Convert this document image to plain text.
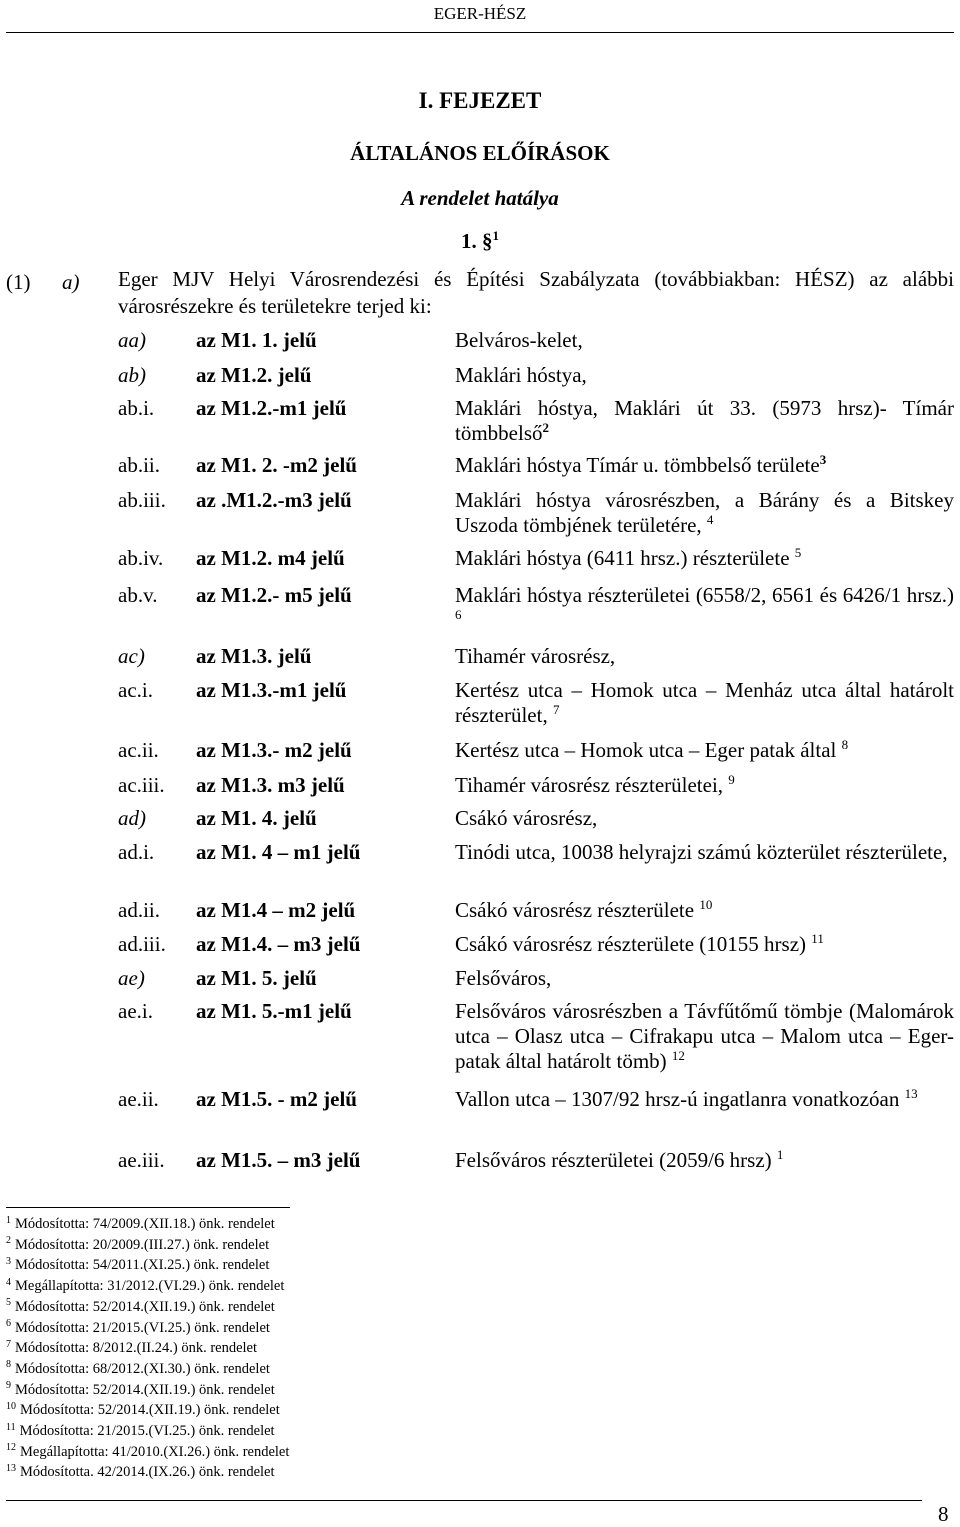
EGER-HÉSZ
I. FEJEZET
ÁLTALÁNOS ELŐÍRÁSOK
A rendelet hatálya
1. §$^1$
(1) a) Eger MJV Helyi Városrendezési és Építési Szabályzata (továbbiakban: HÉSZ) az alábbi városrészekre és területekre terjed ki:
aa) az M1. 1. jelű	Belváros-kelet,
ab) az M1.2. jelű	Maklári hóstya,
ab.i. az M1.2.-m1 jelű	Maklári hóstya, Maklári út 33. (5973 hrsz)- Tímár tömbbelső$^2$
ab.ii. az M1. 2. -m2 jelű	Maklári hóstya Tímár u. tömbbelső területe$^3$
ab.iii. az .M1.2.-m3 jelű	Maklári hóstya városrészben, a Bárány és a Bitskey Uszoda tömbjének területére, $^4$
ab.iv. az M1.2. m4 jelű	Maklári hóstya (6411 hrsz.) részterülete $^5$
ab.v. az M1.2.- m5 jelű	Maklári hóstya részterületei (6558/2, 6561 és 6426/1 hrsz.) $^6$
ac) az M1.3. jelű	Tihamér városrész,
ac.i. az M1.3.-m1 jelű	Kertész utca – Homok utca – Menház utca által határolt részterület, $^7$
ac.ii. az M1.3.- m2 jelű	Kertész utca – Homok utca – Eger patak által $^8$
ac.iii. az M1.3. m3 jelű	Tihamér városrész részterületei, $^9$
ad) az M1. 4. jelű	Csákó városrész,
ad.i. az M1. 4 – m1 jelű	Tinódi utca, 10038 helyrajzi számú közterület részterülete,
ad.ii. az M1.4 – m2 jelű	Csákó városrész részterülete $^{10}$
ad.iii. az M1.4. – m3 jelű	Csákó városrész részterülete (10155 hrsz) $^{11}$
ae) az M1. 5. jelű	Felsőváros,
ae.i. az M1. 5.-m1 jelű	Felsőváros városrészben a Távfűtőmű tömbje (Malomárok utca – Olasz utca – Cifrakapu utca – Malom utca – Eger-patak által határolt tömb) $^{12}$
ae.ii. az M1.5. - m2 jelű	Vallon utca – 1307/92 hrsz-ú ingatlanra vonatkozóan $^{13}$
ae.iii. az M1.5. – m3 jelű	Felsőváros részterületei (2059/6 hrsz) $^1$
$^1$ Módosította: 74/2009.(XII.18.) önk. rendelet
$^2$ Módosította: 20/2009.(III.27.) önk. rendelet
$^3$ Módosította: 54/2011.(XI.25.) önk. rendelet
$^4$ Megállapította: 31/2012.(VI.29.) önk. rendelet
$^5$ Módosította: 52/2014.(XII.19.) önk. rendelet
$^6$ Módosította: 21/2015.(VI.25.) önk. rendelet
$^7$ Módosította: 8/2012.(II.24.) önk. rendelet
$^8$ Módosította: 68/2012.(XI.30.) önk. rendelet
$^9$ Módosította: 52/2014.(XII.19.) önk. rendelet
$^{10}$ Módosította: 52/2014.(XII.19.) önk. rendelet
$^{11}$ Módosította: 21/2015.(VI.25.) önk. rendelet
$^{12}$ Megállapította: 41/2010.(XI.26.) önk. rendelet
$^{13}$ Módosította. 42/2014.(IX.26.) önk. rendelet
8
